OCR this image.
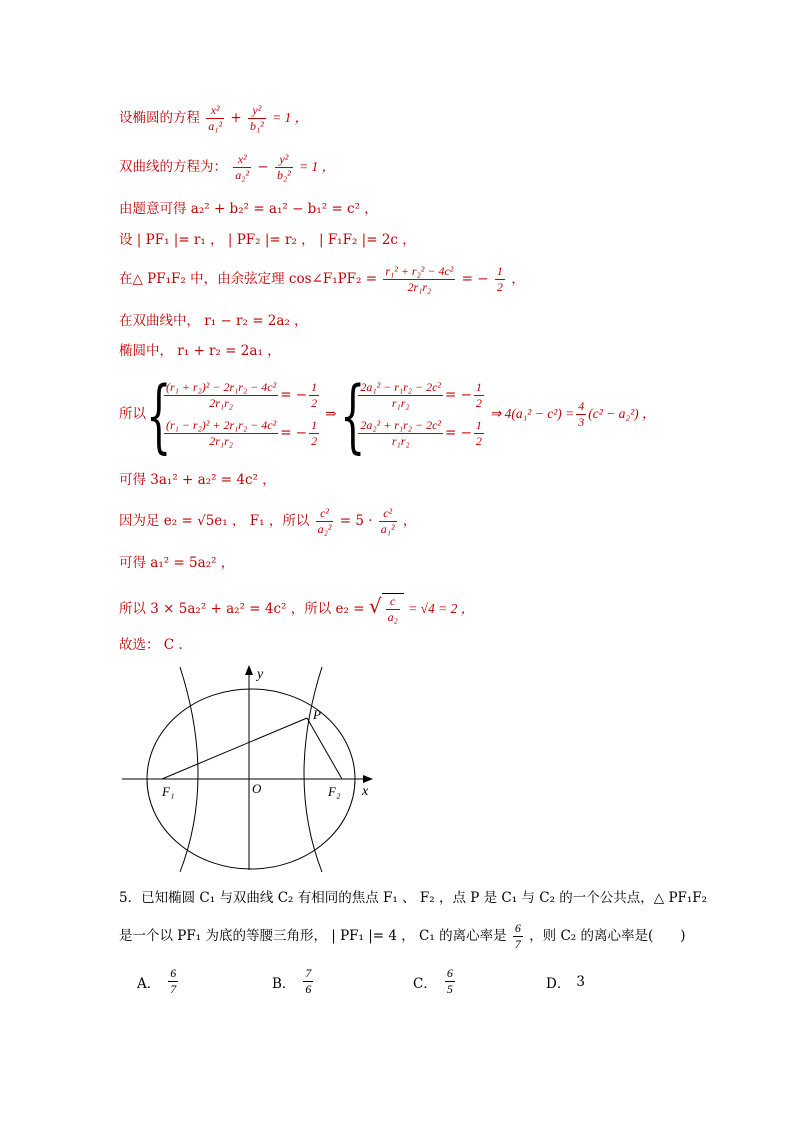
设椭圆的方程 $\frac{\text{x²}}{\text{a₁²}} + \frac{\text{y²}}{\text{b₁²}} = 1$ ，
双曲线的方程为： $\frac{\text{x²}}{\text{a₂²}} - \frac{\text{y²}}{\text{b₂²}} = 1$ ，
由题意可得 a₂² + b₂² = a₁² − b₁² = c² ，
设 | PF₁ |= r₁ ， | PF₂ |= r₂ ， | F₁F₂ |= 2c ，
在△ PF₁F₂ 中，由余弦定理 cos∠F₁PF₂ = $\frac{\text{r₁² + r₂² − 4c²}}{\text{2r₁r₂}}$ = − $\frac{1}{2}$ ，
在双曲线中， r₁ − r₂ = 2a₂ ，
椭圆中， r₁ + r₂ = 2a₁ ，
所以 {
$\frac{\text{(r₁ + r₂)² − 2r₁r₂ − 4c²}}{\text{2r₁r₂}}$ = − $\frac{1}{2}$
$\frac{\text{(r₁ − r₂)² + 2r₁r₂ − 4c²}}{\text{2r₁r₂}}$ = − $\frac{1}{2}$
⇒ {
$\frac{\text{2a₁² − r₁r₂ − 2c²}}{\text{r₁r₂}}$ = − $\frac{1}{2}$
$\frac{\text{2a₂² + r₁r₂ − 2c²}}{\text{r₁r₂}}$ = − $\frac{1}{2}$
⇒ $4(a_1^2 - c^2) = \frac{4}{3} (c^2 - a_2^2)$ ，
可得 3a₁² + a₂² = 4c² ，
因为足 e₂ = √5e₁ ， F₁ ，所以 $\frac{\text{c²}}{\text{a₂²}} = 5 \cdot \frac{\text{c²}}{\text{a₁²}}$ ，
可得 a₁² = 5a₂² ，
所以 3 × 5a₂² + a₂² = 4c² ，所以 e₂ = √ $\frac{c}{\text{a₂}} = √4 = 2$ ，
故选： C .
y
x
O
P
F₁	F₂
5．已知椭圆 C₁ 与双曲线 C₂ 有相同的焦点 F₁ 、 F₂ ，点 P 是 C₁ 与 C₂ 的一个公共点，△ PF₁F₂
是一个以 PF₁ 为底的等腰三角形， | PF₁ |= 4 ， C₁ 的离心率是 $\frac{6}{7}$ ，则 C₂ 的离心率是(　　)
A． $\frac{6}{7}$	B． $\frac{7}{6}$	C． $\frac{6}{5}$	D． 3
